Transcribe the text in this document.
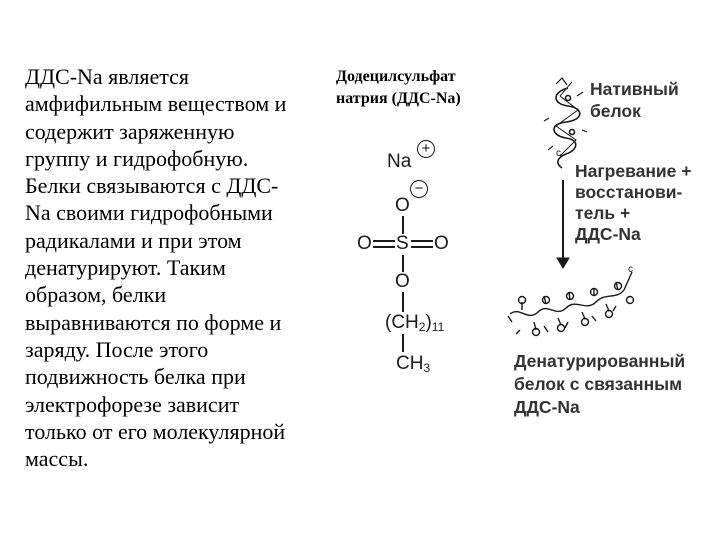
ДДС-Na является
амфифильным веществом и
содержит заряженную
группу и гидрофобную.
Белки связываются с ДДС-
Na своими гидрофобными
радикалами и при этом
денатурируют. Таким
образом, белки
выравниваются по форме и
заряду. После этого
подвижность белка при
электрофорезе зависит
только от его молекулярной
массы.
Додецилсульфат
натрия (ДДС-Na)
Na
+
O
−
O S O
O
$(CH_2)_{11}$
$CH_3$
c
c
Нативный
белок
Нагревание +
восстанови-
тель +
ДДС-Na
Денатурированный
белок с связанным
ДДС-Na
